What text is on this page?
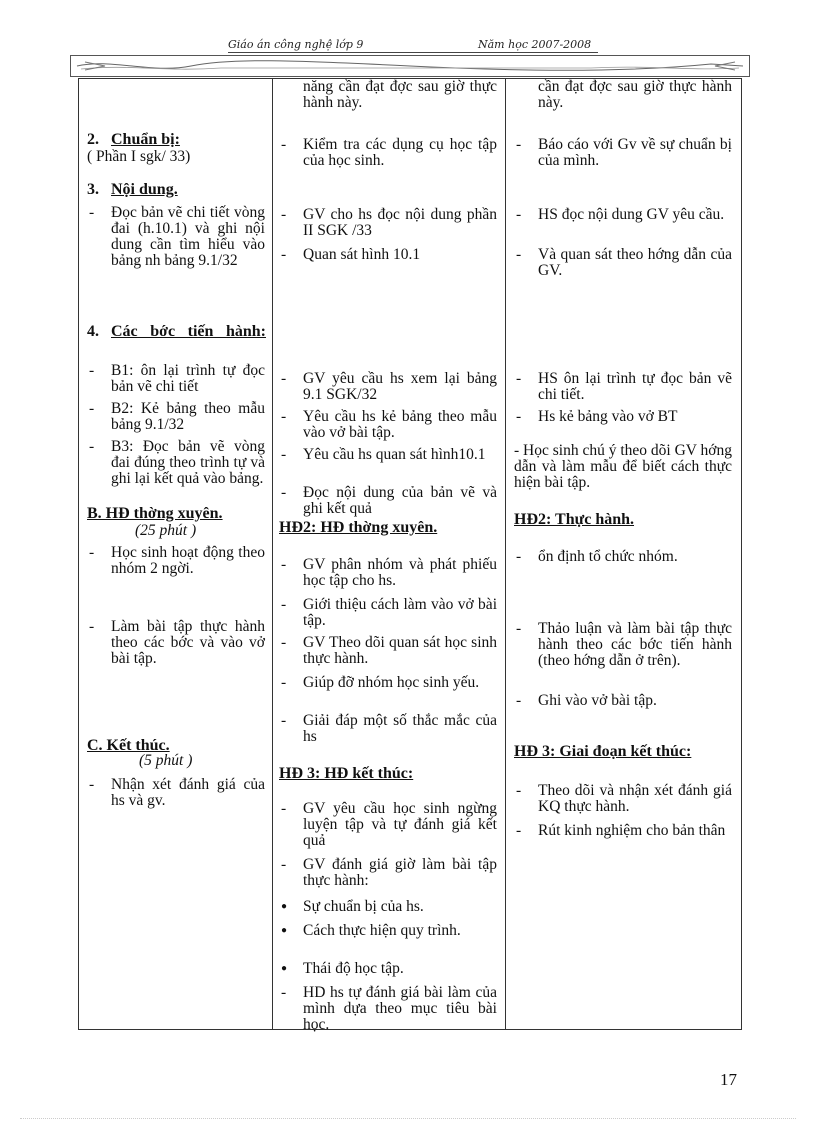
Giáo án công nghệ lớp 9	Năm học 2007-2008
2. Chuẩn bị:
( Phần I sgk/ 33)
3. Nội dung.
- Đọc bản vẽ chi tiết vòng đai (h.10.1) và ghi nội dung cần tìm hiểu vào bảng nh bảng 9.1/32
4. Các bớc tiến hành:
- B1: ôn lại trình tự đọc bản vẽ chi tiết
- B2: Kẻ bảng theo mẫu bảng 9.1/32
- B3: Đọc bản vẽ vòng đai đúng theo trình tự và ghi lại kết quả vào bảng.
B. HĐ thờng xuyên.
(25 phút )
- Học sinh hoạt động theo nhóm 2 ngời.
- Làm bài tập thực hành theo các bớc và vào vở bài tập.
C. Kết thúc.
(5 phút )
- Nhận xét đánh giá của hs và gv.

năng cần đạt đợc sau giờ thực hành này.
- Kiểm tra các dụng cụ học tập của học sinh.
- GV cho hs đọc nội dung phần II SGK /33
- Quan sát hình 10.1
- GV yêu cầu hs xem lại bảng 9.1 SGK/32
- Yêu cầu hs kẻ bảng theo mẫu vào vở bài tập.
- Yêu cầu hs quan sát hình10.1
- Đọc nội dung của bản vẽ và ghi kết quả
HĐ2: HĐ thờng xuyên.
- GV phân nhóm và phát phiếu học tập cho hs.
- Giới thiệu cách làm vào vở bài tập.
- GV Theo dõi quan sát học sinh thực hành.
- Giúp đỡ nhóm học sinh yếu.
- Giải đáp một số thắc mắc của hs
HĐ 3: HĐ kết thúc:
- GV yêu cầu học sinh ngừng luyện tập và tự đánh giá kết quả
- GV đánh giá giờ làm bài tập thực hành:
● Sự chuẩn bị của hs.
● Cách thực hiện quy trình.
● Thái độ học tập.
- HD hs tự đánh giá bài làm của mình dựa theo mục tiêu bài học.

cần đạt đợc sau giờ thực hành này.
- Báo cáo với Gv về sự chuẩn bị của mình.
- HS đọc nội dung GV yêu cầu.
- Và quan sát theo hớng dẫn của GV.
- HS ôn lại trình tự đọc bản vẽ chi tiết.
- Hs kẻ bảng vào vở BT
- Học sinh chú ý theo dõi GV hớng dẫn và làm mẫu để biết cách thực hiện bài tập.
HĐ2: Thực hành.
- ổn định tổ chức nhóm.
- Thảo luận và làm bài tập thực hành theo các bớc tiến hành (theo hớng dẫn ở trên).
- Ghi vào vở bài tập.
HĐ 3: Giai đoạn kết thúc:
- Theo dõi và nhận xét đánh giá KQ thực hành.
- Rút kinh nghiệm cho bản thân
17
